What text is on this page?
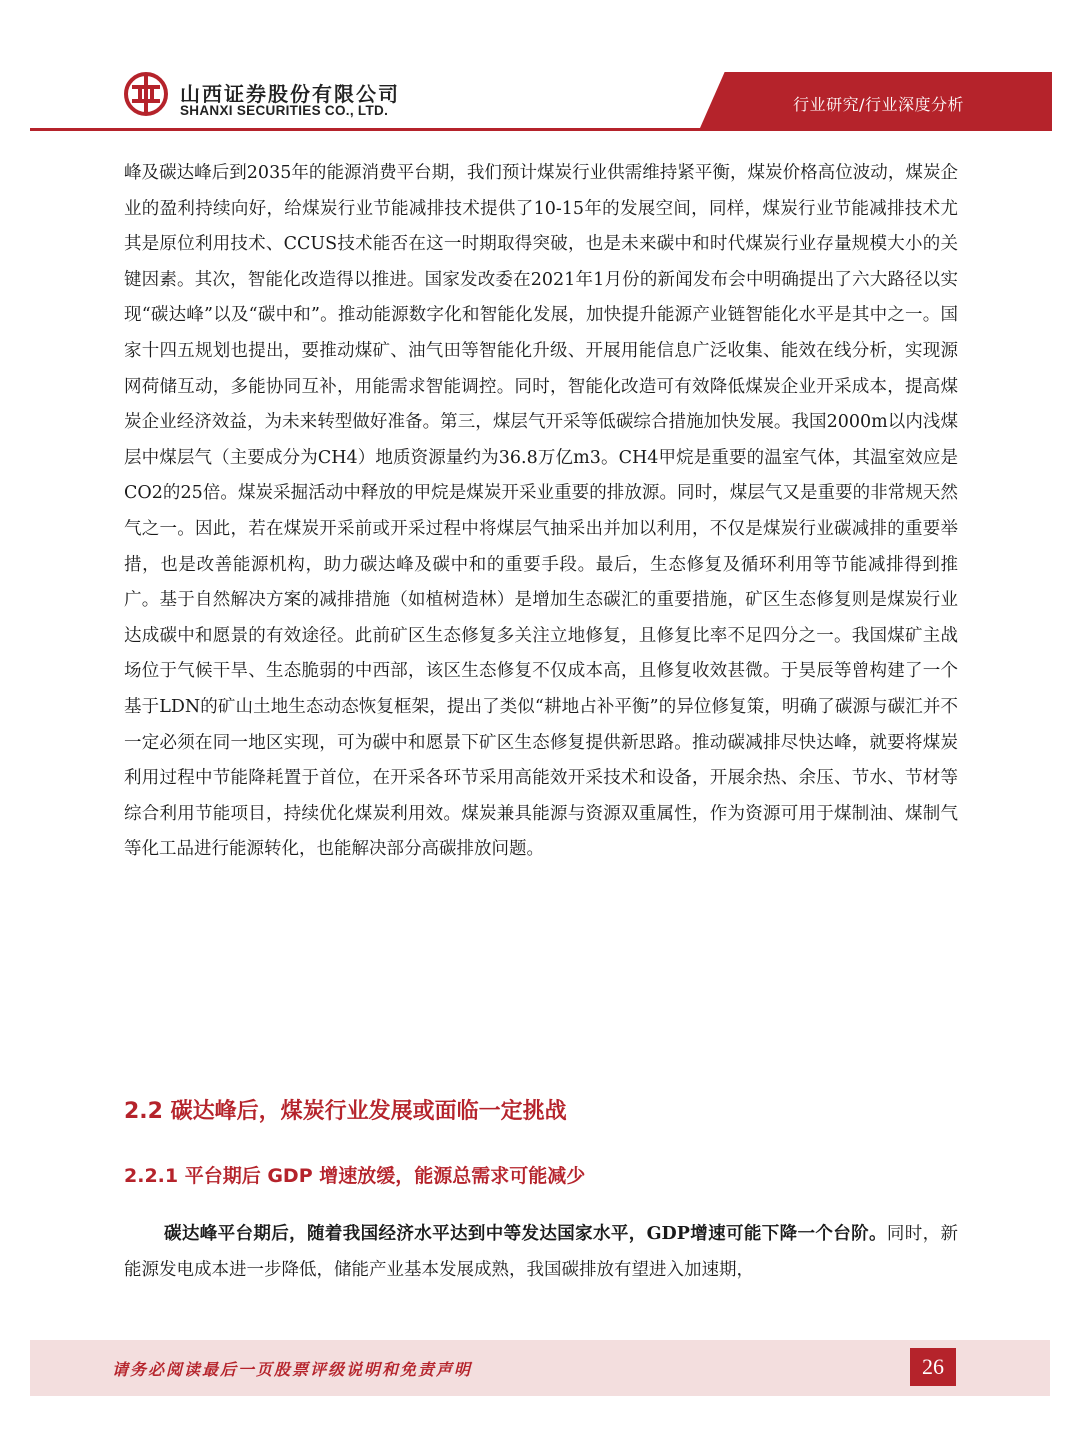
山西证券股份有限公司
SHANXI SECURITIES CO., LTD.	行业研究/行业深度分析

峰及碳达峰后到2035年的能源消费平台期，我们预计煤炭行业供需维持紧平衡，煤炭价格高位波动，煤炭企业的盈利持续向好，给煤炭行业节能减排技术提供了10-15年的发展空间，同样，煤炭行业节能减排技术尤其是原位利用技术、CCUS技术能否在这一时期取得突破，也是未来碳中和时代煤炭行业存量规模大小的关键因素。其次，智能化改造得以推进。国家发改委在2021年1月份的新闻发布会中明确提出了六大路径以实现“碳达峰”以及“碳中和”。推动能源数字化和智能化发展，加快提升能源产业链智能化水平是其中之一。国家十四五规划也提出，要推动煤矿、油气田等智能化升级、开展用能信息广泛收集、能效在线分析，实现源网荷储互动，多能协同互补，用能需求智能调控。同时，智能化改造可有效降低煤炭企业开采成本，提高煤炭企业经济效益，为未来转型做好准备。第三，煤层气开采等低碳综合措施加快发展。我国2000m以内浅煤层中煤层气（主要成分为CH4）地质资源量约为36.8万亿m3。CH4甲烷是重要的温室气体，其温室效应是CO2的25倍。煤炭采掘活动中释放的甲烷是煤炭开采业重要的排放源。同时，煤层气又是重要的非常规天然气之一。因此，若在煤炭开采前或开采过程中将煤层气抽采出并加以利用，不仅是煤炭行业碳减排的重要举措，也是改善能源机构，助力碳达峰及碳中和的重要手段。最后，生态修复及循环利用等节能减排得到推广。基于自然解决方案的减排措施（如植树造林）是增加生态碳汇的重要措施，矿区生态修复则是煤炭行业达成碳中和愿景的有效途径。此前矿区生态修复多关注立地修复，且修复比率不足四分之一。我国煤矿主战场位于气候干旱、生态脆弱的中西部，该区生态修复不仅成本高，且修复收效甚微。于昊辰等曾构建了一个基于LDN的矿山土地生态动态恢复框架，提出了类似“耕地占补平衡”的异位修复策，明确了碳源与碳汇并不一定必须在同一地区实现，可为碳中和愿景下矿区生态修复提供新思路。推动碳减排尽快达峰，就要将煤炭利用过程中节能降耗置于首位，在开采各环节采用高能效开采技术和设备，开展余热、余压、节水、节材等综合利用节能项目，持续优化煤炭利用效。煤炭兼具能源与资源双重属性，作为资源可用于煤制油、煤制气等化工品进行能源转化，也能解决部分高碳排放问题。

2.2 碳达峰后，煤炭行业发展或面临一定挑战
2.2.1 平台期后 GDP 增速放缓，能源总需求可能减少
碳达峰平台期后，随着我国经济水平达到中等发达国家水平，GDP增速可能下降一个台阶。同时，新能源发电成本进一步降低，储能产业基本发展成熟，我国碳排放有望进入加速期，
请务必阅读最后一页股票评级说明和免责声明	26
